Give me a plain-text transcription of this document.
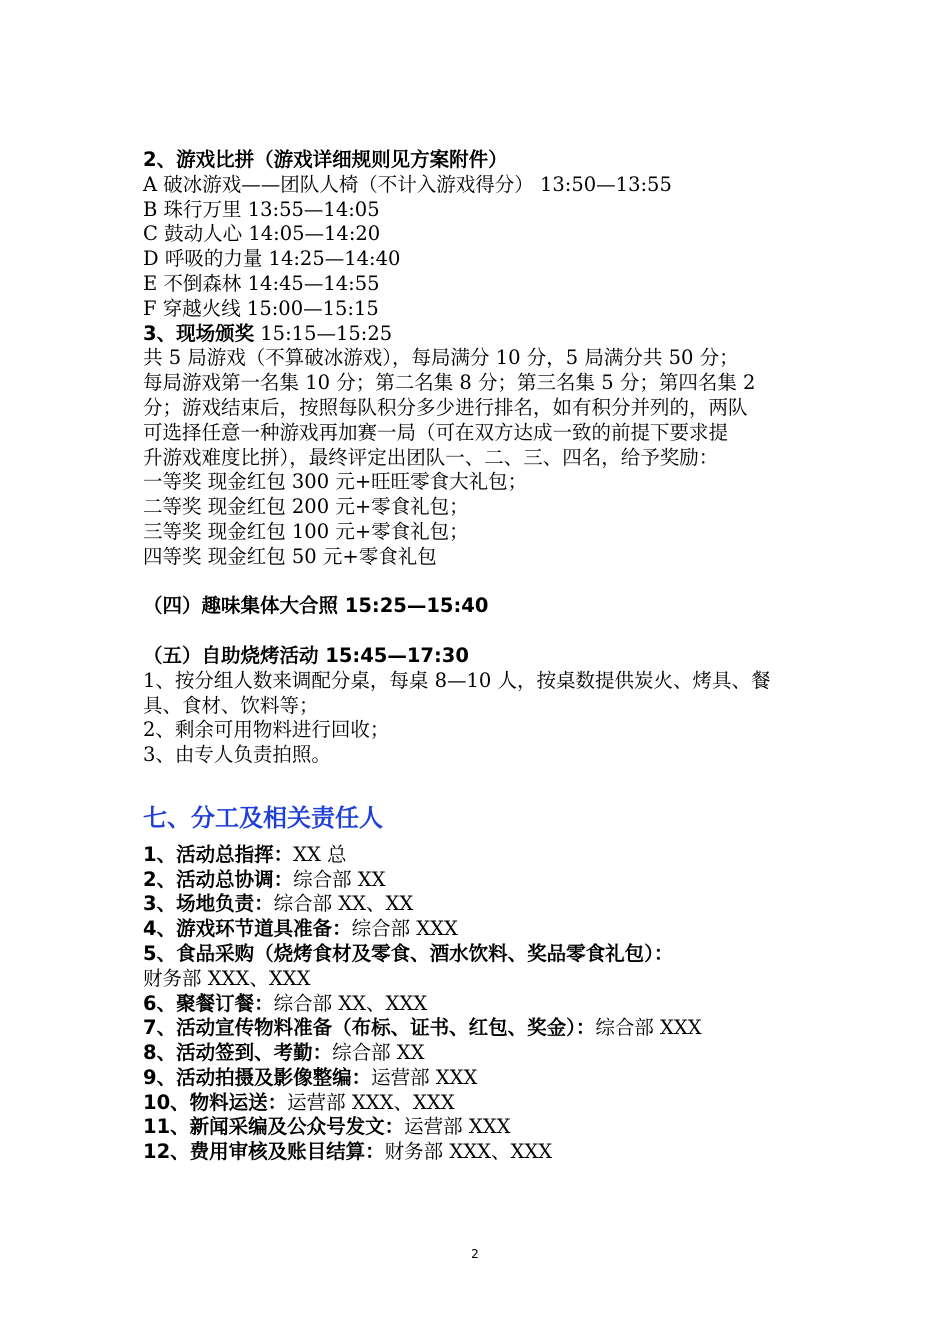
2、游戏比拼（游戏详细规则见方案附件）
A 破冰游戏——团队人椅（不计入游戏得分） 13:50—13:55
B 珠行万里 13:55—14:05
C 鼓动人心 14:05—14:20
D 呼吸的力量 14:25—14:40
E 不倒森林 14:45—14:55
F 穿越火线 15:00—15:15
3、现场颁奖 15:15—15:25
共 5 局游戏（不算破冰游戏），每局满分 10 分，5 局满分共 50 分；
每局游戏第一名集 10 分；第二名集 8 分；第三名集 5 分；第四名集 2
分；游戏结束后，按照每队积分多少进行排名，如有积分并列的，两队
可选择任意一种游戏再加赛一局（可在双方达成一致的前提下要求提
升游戏难度比拼），最终评定出团队一、二、三、四名，给予奖励：
一等奖 现金红包 300 元+旺旺零食大礼包；
二等奖 现金红包 200 元+零食礼包；
三等奖 现金红包 100 元+零食礼包；
四等奖 现金红包 50 元+零食礼包
（四）趣味集体大合照 15:25—15:40
（五）自助烧烤活动 15:45—17:30
1、按分组人数来调配分桌，每桌 8—10 人，按桌数提供炭火、烤具、餐
具、食材、饮料等；
2、剩余可用物料进行回收；
3、由专人负责拍照。
七、分工及相关责任人
1、活动总指挥：XX 总
2、活动总协调：综合部 XX
3、场地负责：综合部 XX、XX
4、游戏环节道具准备：综合部 XXX
5、食品采购（烧烤食材及零食、酒水饮料、奖品零食礼包）：
财务部 XXX、XXX
6、聚餐订餐：综合部 XX、XXX
7、活动宣传物料准备（布标、证书、红包、奖金）：综合部 XXX
8、活动签到、考勤：综合部 XX
9、活动拍摄及影像整编：运营部 XXX
10、物料运送：运营部 XXX、XXX
11、新闻采编及公众号发文：运营部 XXX
12、费用审核及账目结算：财务部 XXX、XXX
2
